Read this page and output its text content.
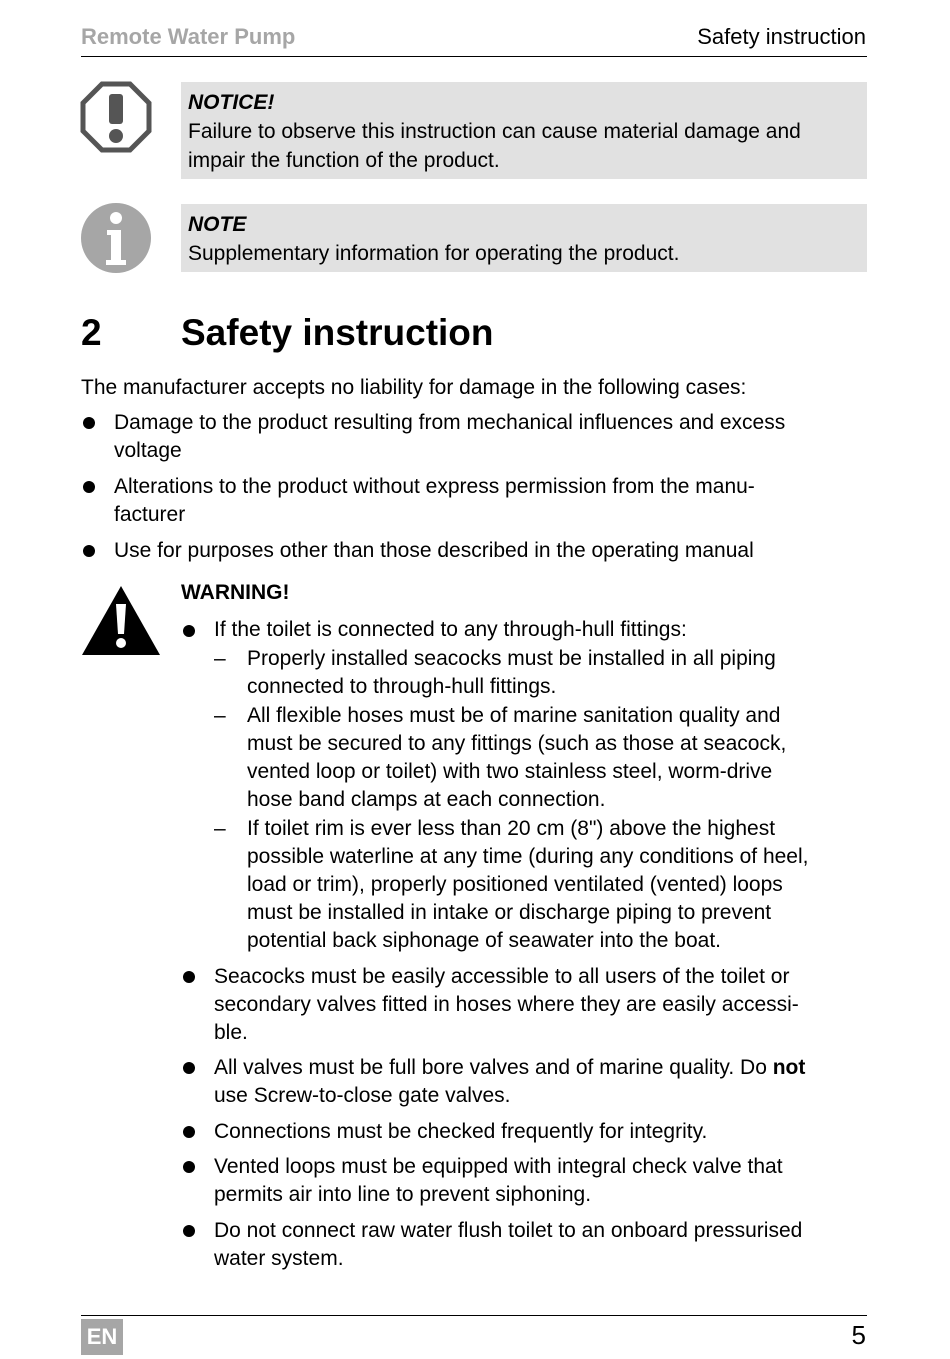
Remote Water Pump	Safety instruction
NOTICE!
Failure to observe this instruction can cause material damage and
impair the function of the product.
NOTE
Supplementary information for operating the product.
2 Safety instruction
The manufacturer accepts no liability for damage in the following cases:
Damage to the product resulting from mechanical influences and excess
voltage
Alterations to the product without express permission from the manu-
facturer
Use for purposes other than those described in the operating manual
WARNING!
If the toilet is connected to any through-hull fittings:
– Properly installed seacocks must be installed in all piping
connected to through-hull fittings.
– All flexible hoses must be of marine sanitation quality and
must be secured to any fittings (such as those at seacock,
vented loop or toilet) with two stainless steel, worm-drive
hose band clamps at each connection.
– If toilet rim is ever less than 20 cm (8") above the highest
possible waterline at any time (during any conditions of heel,
load or trim), properly positioned ventilated (vented) loops
must be installed in intake or discharge piping to prevent
potential back siphonage of seawater into the boat.
Seacocks must be easily accessible to all users of the toilet or
secondary valves fitted in hoses where they are easily accessi-
ble.
All valves must be full bore valves and of marine quality. Do not
use Screw-to-close gate valves.
Connections must be checked frequently for integrity.
Vented loops must be equipped with integral check valve that
permits air into line to prevent siphoning.
Do not connect raw water flush toilet to an onboard pressurised
water system.
EN	5
